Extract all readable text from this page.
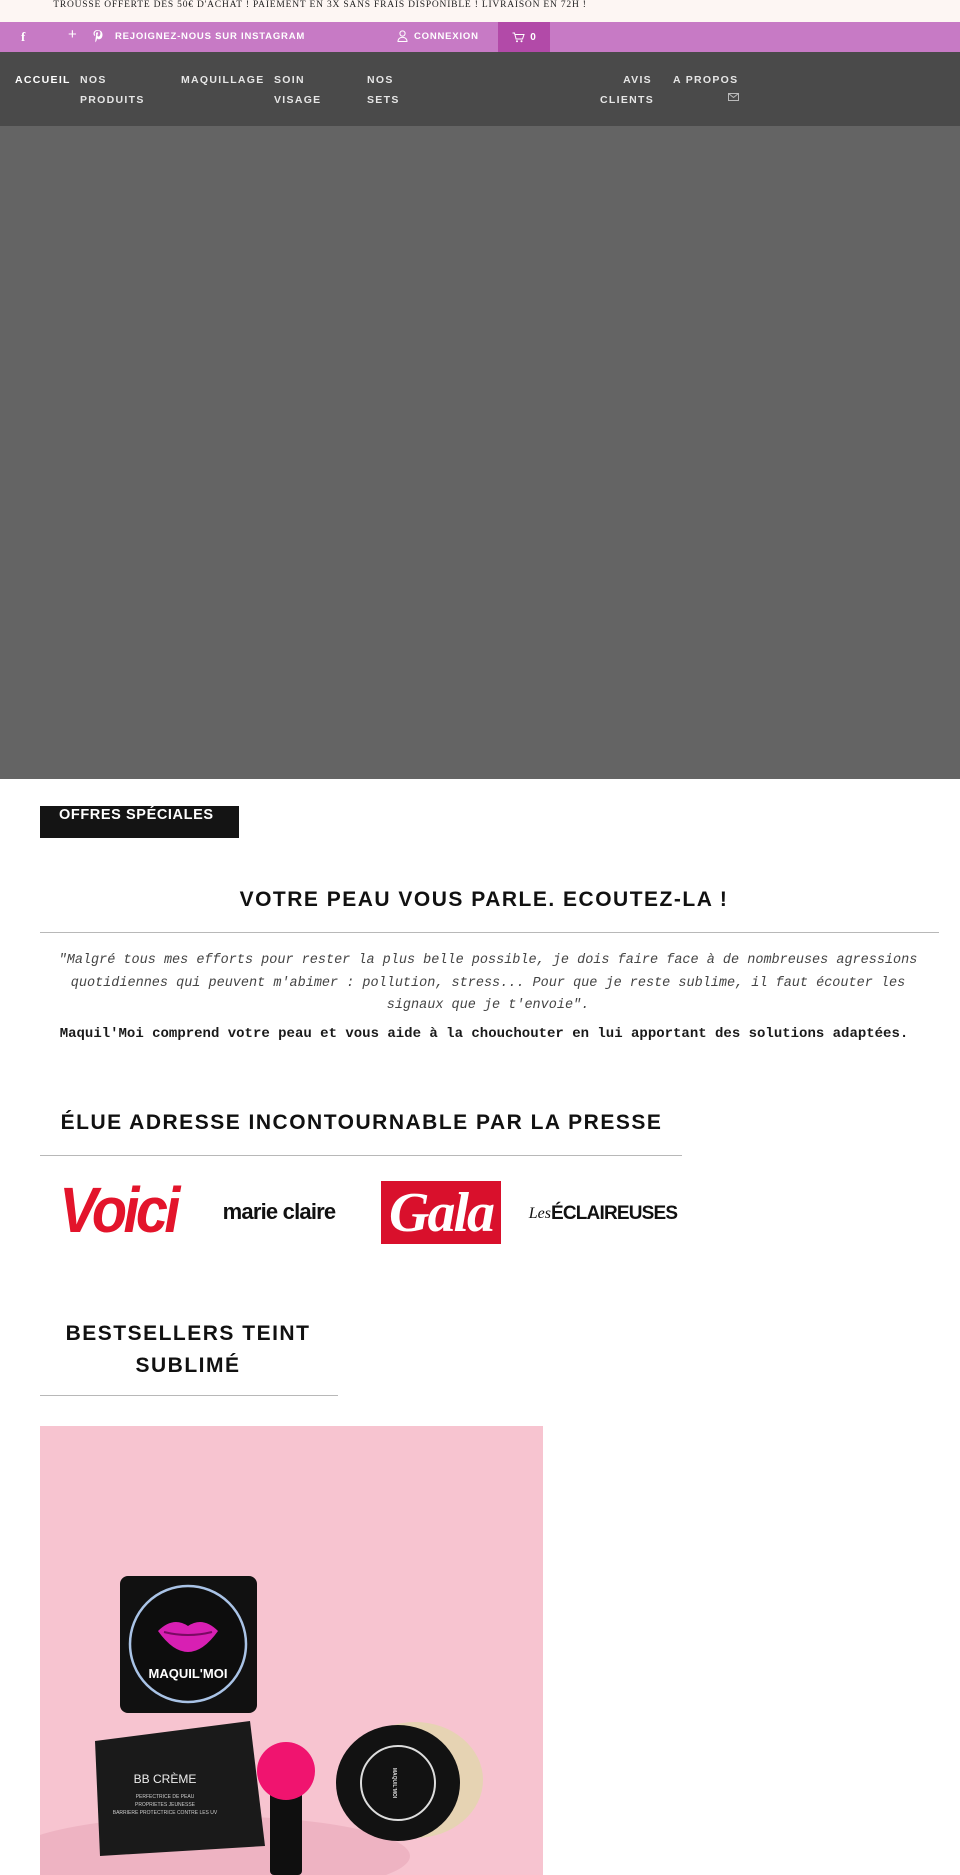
TROUSSE OFFERTE DÈS 50€ D'ACHAT ! PAIEMENT EN 3X SANS FRAIS DISPONIBLE ! LIVRAISON EN 72H !

f	+	REJOIGNEZ-NOUS SUR INSTAGRAM	CONNEXION	0
ACCUEIL NOS
PRODUITS
MAQUILLAGE SOIN
VISAGE
NOS
SETS
AVIS
CLIENTS
A PROPOS
OFFRES SPÉCIALES
VOTRE PEAU VOUS PARLE. ECOUTEZ-LA !

"Malgré tous mes efforts pour rester la plus belle possible, je dois faire face à de nombreuses agressions quotidiennes qui peuvent m'abimer : pollution, stress... Pour que je reste sublime, il faut écouter les signaux que je t'envoie".

Maquil'Moi comprend votre peau et vous aide à la chouchouter en lui apportant des solutions adaptées.

ÉLUE ADRESSE INCONTOURNABLE PAR LA PRESSE
Voici marie claire Gala	Les ÉCLAIREUSES
BESTSELLERS TEINT
SUBLIMÉ
MAQUIL'MOI
BB CRÈME
PERFECTRICE DE PEAU
PROPRIETES JEUNESSE
BARRIERE PROTECTRICE CONTRE LES UV
MAQUIL'MOI
